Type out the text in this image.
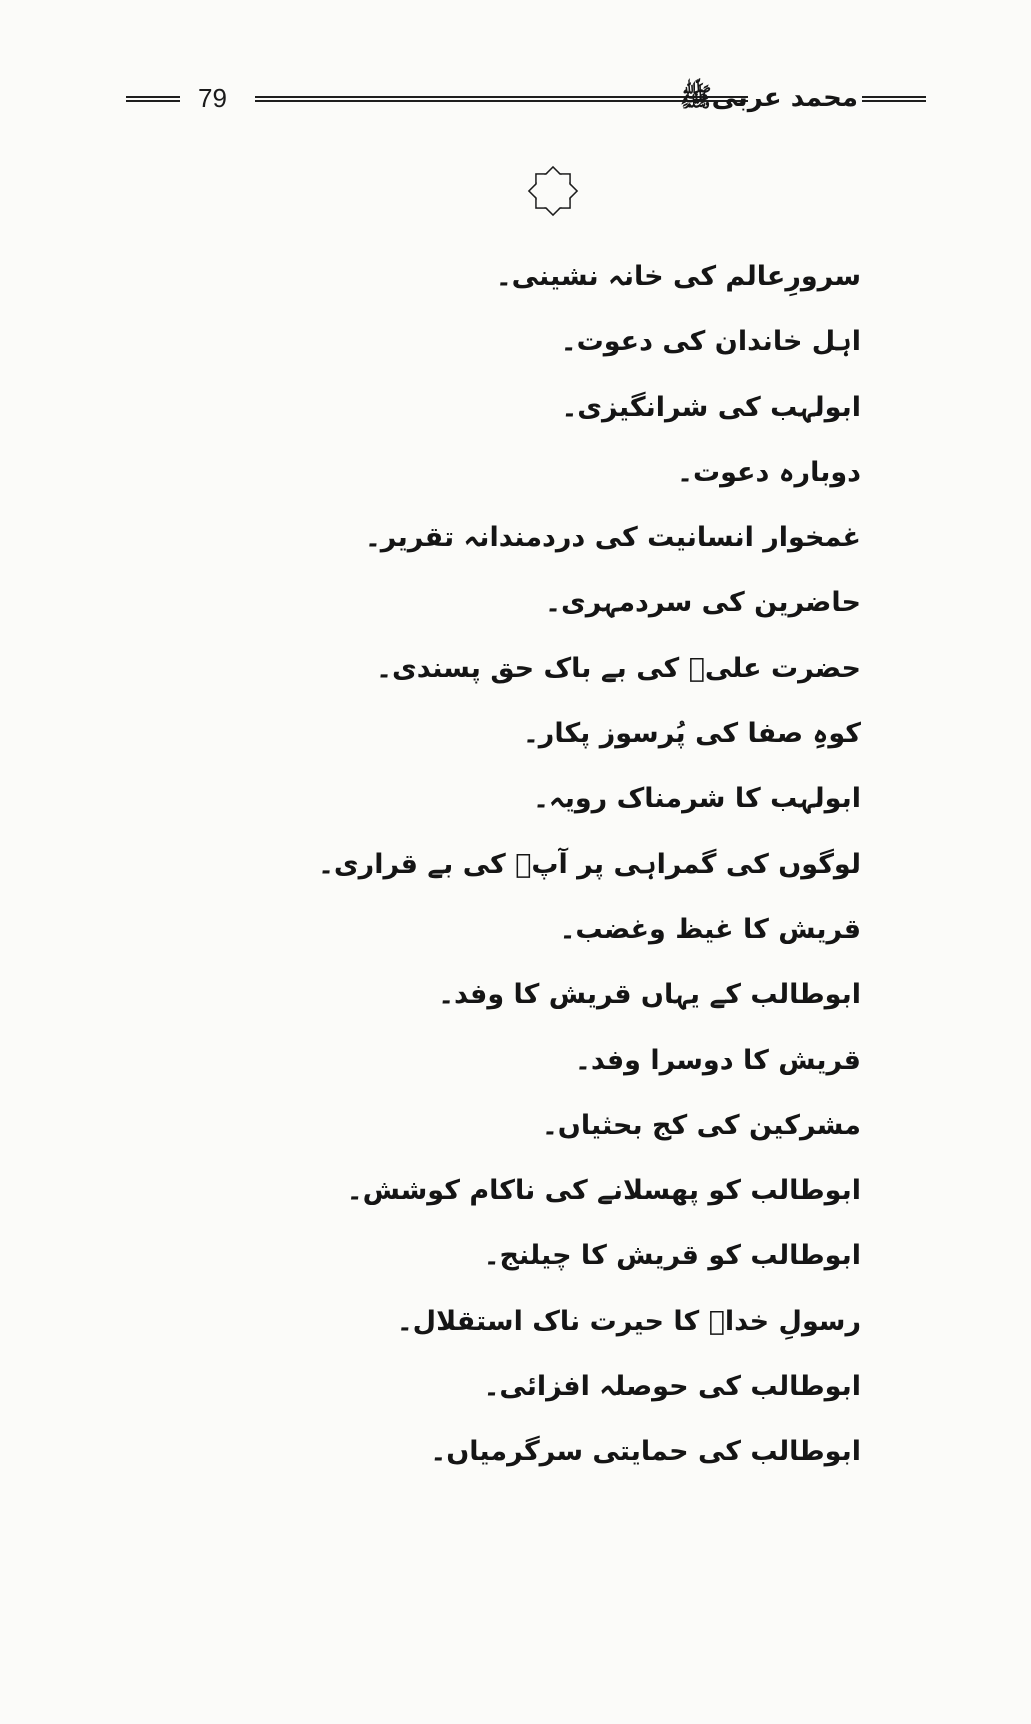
79	محمد عربیﷺ
سرورِعالم کی خانہ نشینی۔
اہل خاندان کی دعوت۔
ابولہب کی شرانگیزی۔
دوبارہ دعوت۔
غمخوار انسانیت کی دردمندانہ تقریر۔
حاضرین کی سردمہری۔
حضرت علیؓ کی بے باک حق پسندی۔
کوہِ صفا کی پُرسوز پکار۔
ابولہب کا شرمناک رویہ۔
لوگوں کی گمراہی پر آپؐ کی بے قراری۔
قریش کا غیظ وغضب۔
ابوطالب کے یہاں قریش کا وفد۔
قریش کا دوسرا وفد۔
مشرکین کی کج بحثیاں۔
ابوطالب کو پھسلانے کی ناکام کوشش۔
ابوطالب کو قریش کا چیلنج۔
رسولِ خداؐ کا حیرت ناک استقلال۔
ابوطالب کی حوصلہ افزائی۔
ابوطالب کی حمایتی سرگرمیاں۔
